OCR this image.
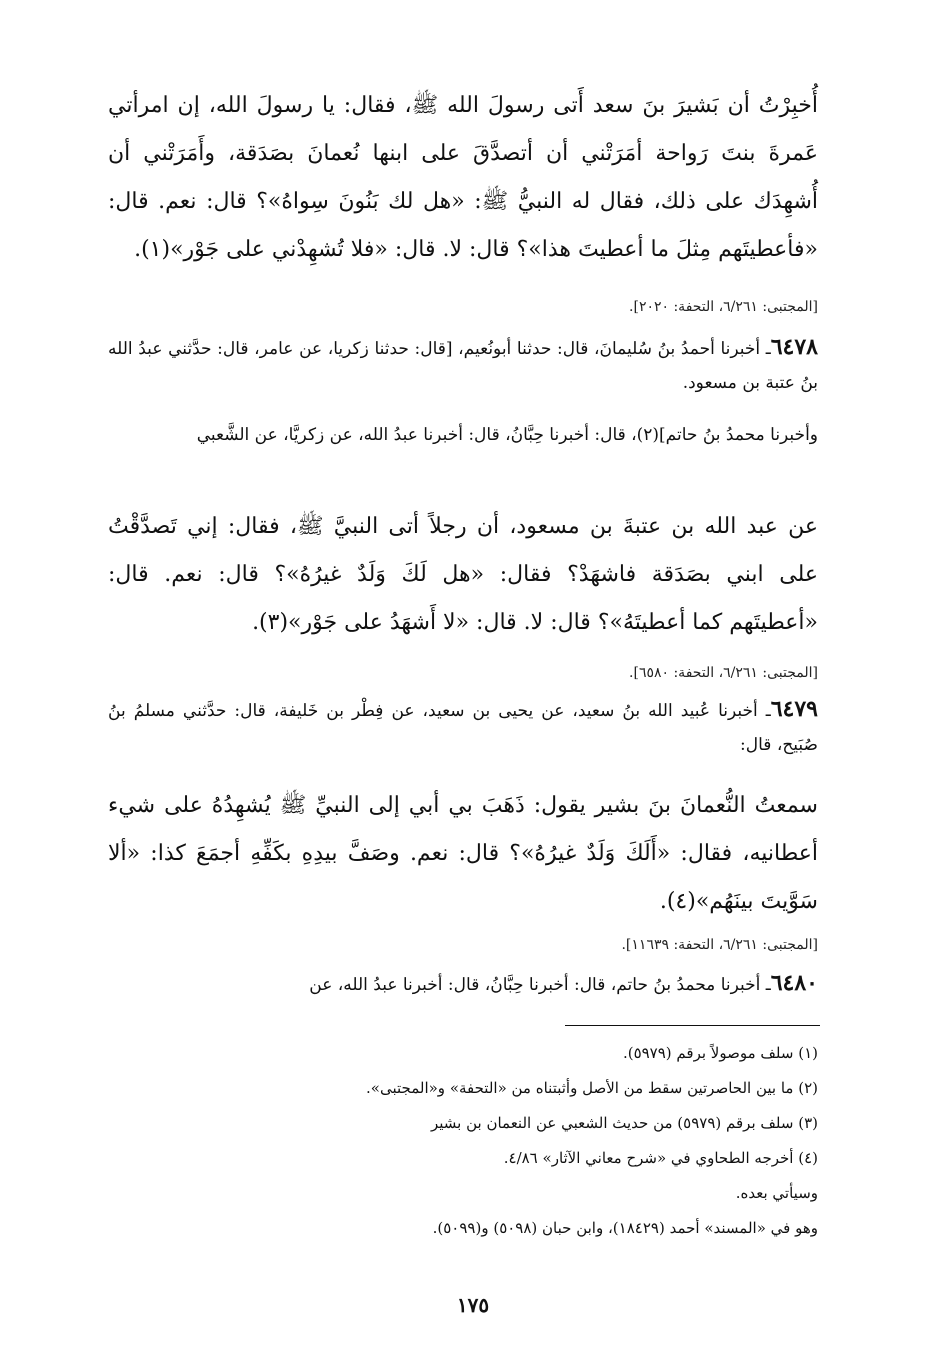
أُخبِرْتُ أن بَشيرَ بنَ سعد أَتى رسولَ الله ﷺ، فقال: يا رسولَ الله، إن امرأتي عَمرةَ بنتَ رَواحة أمَرَتْني أن أتصدَّقَ على ابنها نُعمانَ بصَدَقة، وأَمَرَتْني أن أُشهِدَك على ذلك، فقال له النبيُّ ﷺ: «هل لك بَنُونَ سِواهُ»؟ قال: نعم. قال: «فأعطيتَهم مِثلَ ما أعطيتَ هذا»؟ قال: لا. قال: «فلا تُشهِدْني على جَوْر»(١).
[المجتبى: ٦/٢٦١، التحفة: ٢٠٢٠].
٦٤٧٨ـ أخبرنا أحمدُ بنُ سُليمانَ، قال: حدثنا أبونُعيم، [قال: حدثنا زكريا، عن عامر، قال: حدَّثني عبدُ الله بنُ عتبة بن مسعود.
وأخبرنا محمدُ بنُ حاتم](٢)، قال: أخبرنا حِبَّانُ، قال: أخبرنا عبدُ الله، عن زكريَّا، عن الشَّعبي
عن عبد الله بن عتبةَ بن مسعود، أن رجلاً أتى النبيَّ ﷺ، فقال: إني تَصدَّقْتُ على ابني بصَدَقة فاشهَدْ؟ فقال: «هل لَكَ وَلَدٌ غيرُهُ»؟ قال: نعم. قال: «أعطيتَهم كما أعطيتَهُ»؟ قال: لا. قال: «لا أَشهَدُ على جَوْر»(٣).
[المجتبى: ٦/٢٦١، التحفة: ٦٥٨٠].
٦٤٧٩ـ أخبرنا عُبيد الله بنُ سعيد، عن يحيى بن سعيد، عن فِطْر بن خَليفة، قال: حدَّثني مسلمُ بنُ صُبَيح، قال:
سمعتُ النُّعمانَ بنَ بشير يقول: ذَهَبَ بي أبي إلى النبيِّ ﷺ يُشهِدُهُ على شيء أعطانيه، فقال: «أَلَكَ وَلَدٌ غيرُهُ»؟ قال: نعم. وصَفَّ بيدِهِ بكَفِّهِ أجمَعَ كذا: «ألا سَوَّيتَ بينَهُم»(٤).
[المجتبى: ٦/٢٦١، التحفة: ١١٦٣٩].
٦٤٨٠ـ أخبرنا محمدُ بنُ حاتم، قال: أخبرنا حِبَّانُ، قال: أخبرنا عبدُ الله، عن
(١) سلف موصولاً برقم (٥٩٧٩).
(٢) ما بين الحاصرتين سقط من الأصل وأثبتناه من «التحفة» و«المجتبى».
(٣) سلف برقم (٥٩٧٩) من حديث الشعبي عن النعمان بن بشير
(٤) أخرجه الطحاوي في «شرح معاني الآثار» ٤/٨٦.
وسيأتي بعده.
وهو في «المسند» أحمد (١٨٤٢٩)، وابن حبان (٥٠٩٨) و(٥٠٩٩).
١٧٥
